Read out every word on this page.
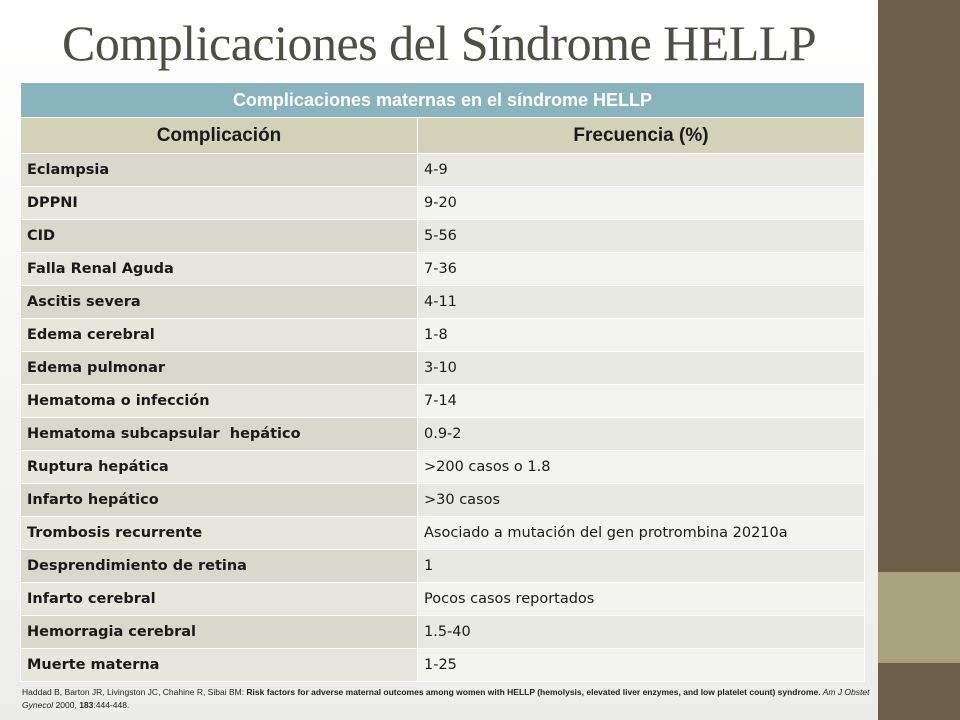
Complicaciones del Síndrome HELLP
Complicaciones maternas en el síndrome HELLP	
Complicación	Frecuencia (%)
Eclampsia	4-9
DPPNI	9-20
CID	5-56
Falla Renal Aguda	7-36
Ascitis severa	4-11
Edema cerebral	1-8
Edema pulmonar	3-10
Hematoma o infección	7-14
Hematoma subcapsular  hepático	0.9-2
Ruptura hepática	>200 casos o 1.8
Infarto hepático	>30 casos
Trombosis recurrente	Asociado a mutación del gen protrombina 20210a
Desprendimiento de retina	1
Infarto cerebral	Pocos casos reportados
Hemorragia cerebral	1.5-40
Muerte materna	1-25
Haddad B, Barton JR, Livingston JC, Chahine R, Sibai BM: Risk factors for adverse maternal outcomes among women with HELLP (hemolysis, elevated liver enzymes, and low platelet count) syndrome. Am J Obstet Gynecol 2000, 183:444-448.
